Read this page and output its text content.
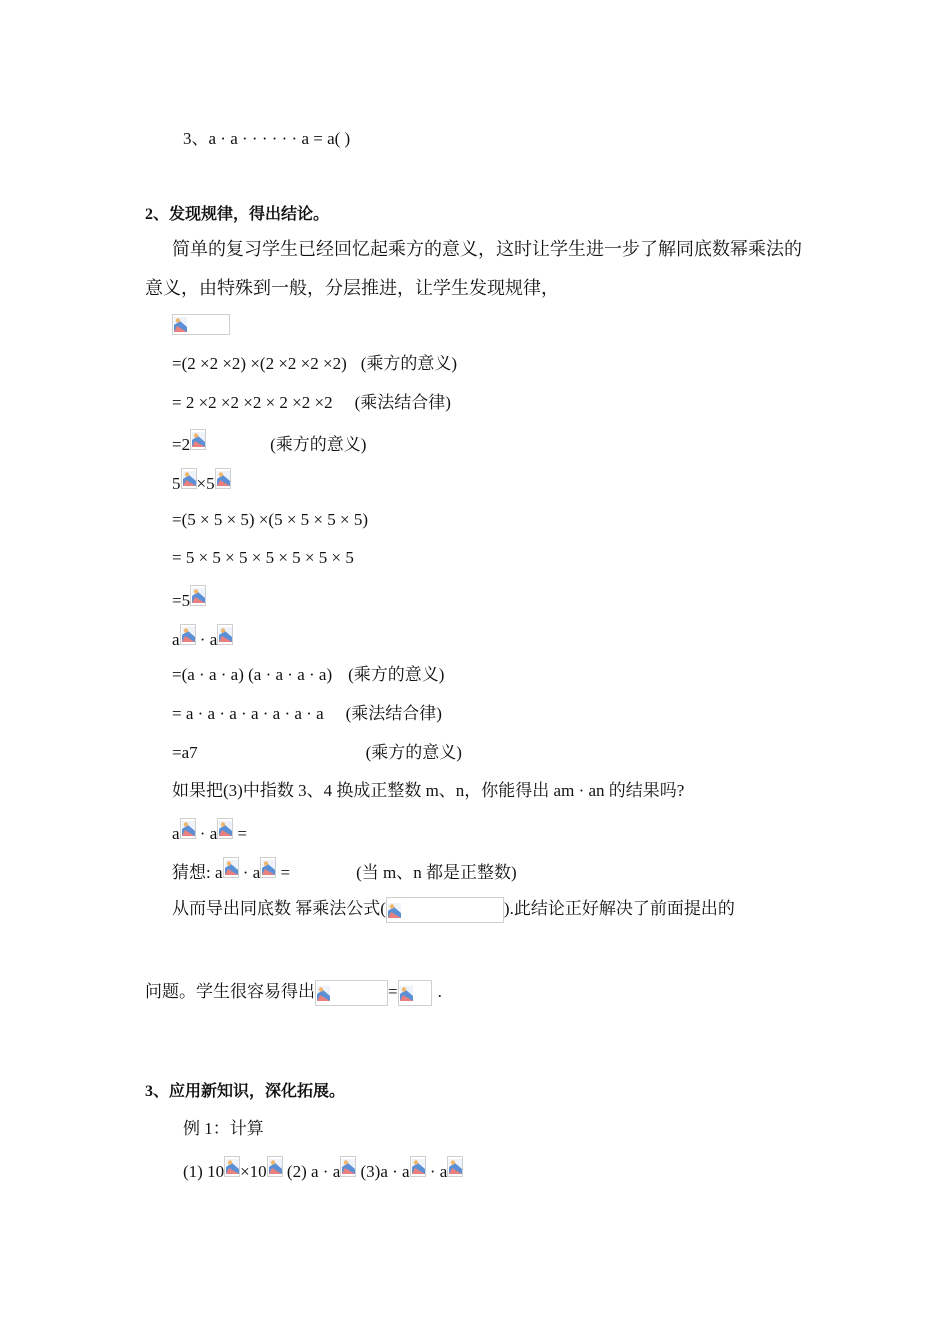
3、a · a · · · · · · a = a( )
2、发现规律，得出结论。
简单的复习学生已经回忆起乘方的意义，这时让学生进一步了解同底数幂乘法的意义，由特殊到一般，分层推进，让学生发现规律，
=(2 ×2 ×2) ×(2 ×2 ×2 ×2) (乘方的意义)
= 2 ×2 ×2 ×2 × 2 ×2 ×2 (乘法结合律)
=2	(乘方的意义)
5 ×5
=(5 × 5 × 5) ×(5 × 5 × 5 × 5)
= 5 × 5 × 5 × 5 × 5 × 5 × 5
=5
a
· a
=(a · a · a) (a · a · a · a) (乘方的意义)
= a · a · a · a · a · a · a (乘法结合律)
=a7	(乘方的意义)
如果把(3)中指数 3、4 换成正整数 m、n，你能得出 am · an 的结果吗?
a
· a
=
猜想: a
· a
=	(当 m、n 都是正整数)
从而导出同底数 幂乘法公式(	).此结论正好解决了前面提出的
问题。学生很容易得出	= .
3、应用新知识，深化拓展。
例 1：计算
(1) 10 ×10
(2) a · a
(3)a · a
· a
